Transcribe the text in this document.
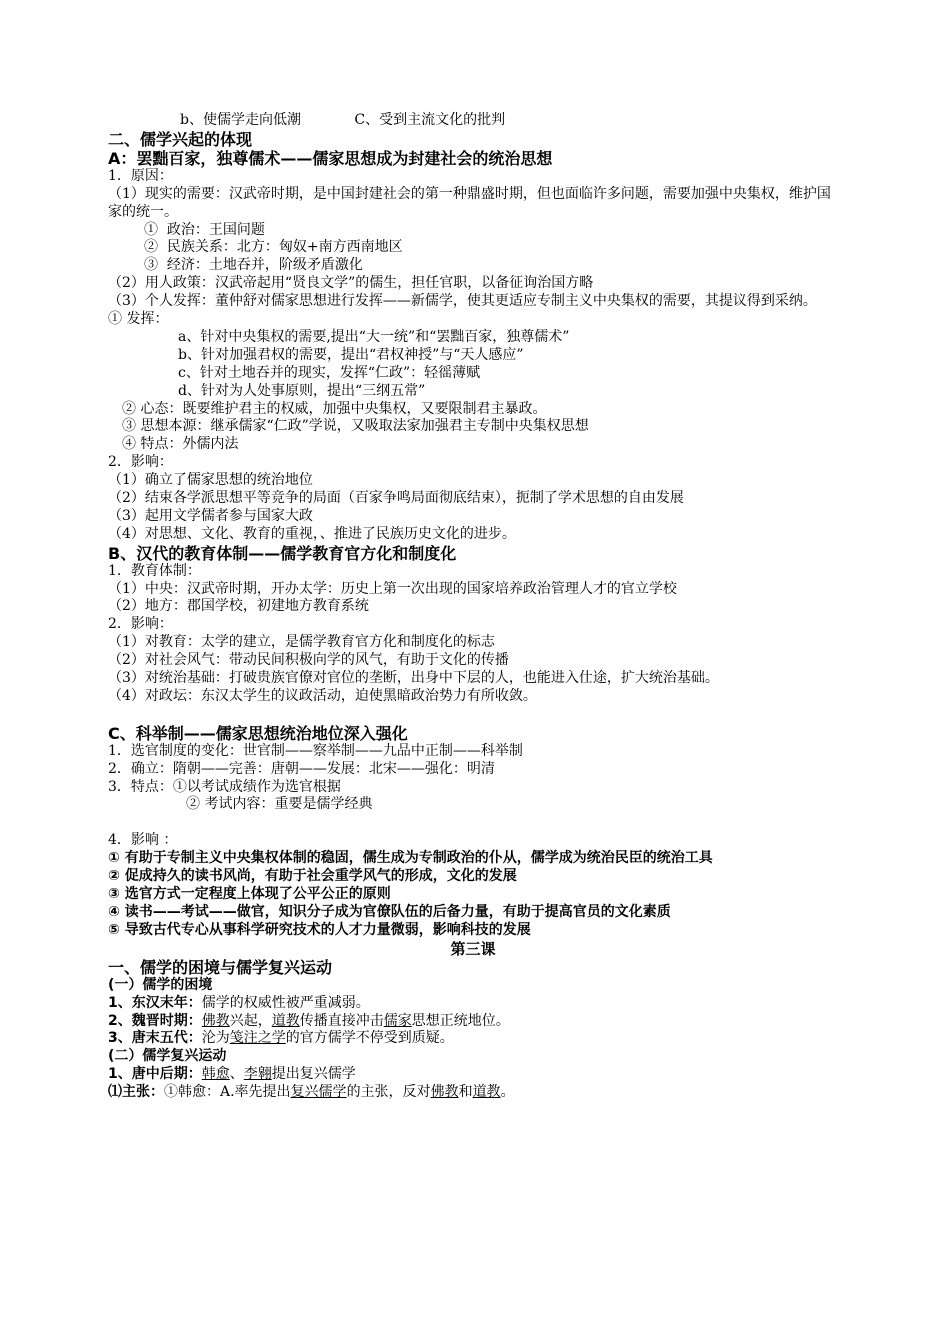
b、使儒学走向低潮            C、受到主流文化的批判
二、儒学兴起的体现
A：罢黜百家，独尊儒术——儒家思想成为封建社会的统治思想
1．原因：
（1）现实的需要：汉武帝时期，是中国封建社会的第一种鼎盛时期，但也面临许多问题，需要加强中央集权，维护国家的统一。
①  政治：王国问题
②  民族关系：北方：匈奴+南方西南地区
③  经济：土地吞并，阶级矛盾激化
（2）用人政策：汉武帝起用“贤良文学”的儒生，担任官职，以备征询治国方略
（3）个人发挥：董仲舒对儒家思想进行发挥——新儒学，使其更适应专制主义中央集权的需要，其提议得到采纳。
① 发挥：
a、针对中央集权的需要,提出“大一统”和“罢黜百家，独尊儒术”
b、针对加强君权的需要，提出“君权神授”与“天人感应”
c、针对土地吞并的现实，发挥“仁政”：轻徭薄赋
d、针对为人处事原则，提出“三纲五常”
② 心态：既要维护君主的权威，加强中央集权，又要限制君主暴政。
③ 思想本源：继承儒家“仁政”学说，又吸取法家加强君主专制中央集权思想
④ 特点：外儒内法
2．影响：
（1）确立了儒家思想的统治地位
（2）结束各学派思想平等竞争的局面（百家争鸣局面彻底结束），扼制了学术思想的自由发展
（3）起用文学儒者参与国家大政
（4）对思想、文化、教育的重视，、推进了民族历史文化的进步。
B、汉代的教育体制——儒学教育官方化和制度化
1．教育体制：
（1）中央：汉武帝时期，开办太学：历史上第一次出现的国家培养政治管理人才的官立学校
（2）地方：郡国学校，初建地方教育系统
2．影响：
（1）对教育：太学的建立，是儒学教育官方化和制度化的标志
（2）对社会风气：带动民间积极向学的风气，有助于文化的传播
（3）对统治基础：打破贵族官僚对官位的垄断，出身中下层的人，也能进入仕途，扩大统治基础。
（4）对政坛：东汉太学生的议政活动，迫使黑暗政治势力有所收敛。
C、科举制——儒家思想统治地位深入强化
1．选官制度的变化：世官制——察举制——九品中正制——科举制
2．确立：隋朝——完善：唐朝——发展：北宋——强化：明清
3．特点：①以考试成绩作为选官根据
② 考试内容：重要是儒学经典
4．影响 ：
① 有助于专制主义中央集权体制的稳固，儒生成为专制政治的仆从，儒学成为统治民臣的统治工具
② 促成持久的读书风尚，有助于社会重学风气的形成，文化的发展
③ 选官方式一定程度上体现了公平公正的原则
④ 读书——考试——做官，知识分子成为官僚队伍的后备力量，有助于提高官员的文化素质
⑤ 导致古代专心从事科学研究技术的人才力量微弱，影响科技的发展
第三课
一、儒学的困境与儒学复兴运动
(一）儒学的困境
1、东汉末年：儒学的权威性被严重减弱。
2、魏晋时期：佛教兴起，道教传播直接冲击儒家思想正统地位。
3、唐末五代：沦为笺注之学的官方儒学不停受到质疑。
(二）儒学复兴运动
1、唐中后期：韩愈、李翱提出复兴儒学
⑴主张：①韩愈：A.率先提出复兴儒学的主张，反对佛教和道教。
